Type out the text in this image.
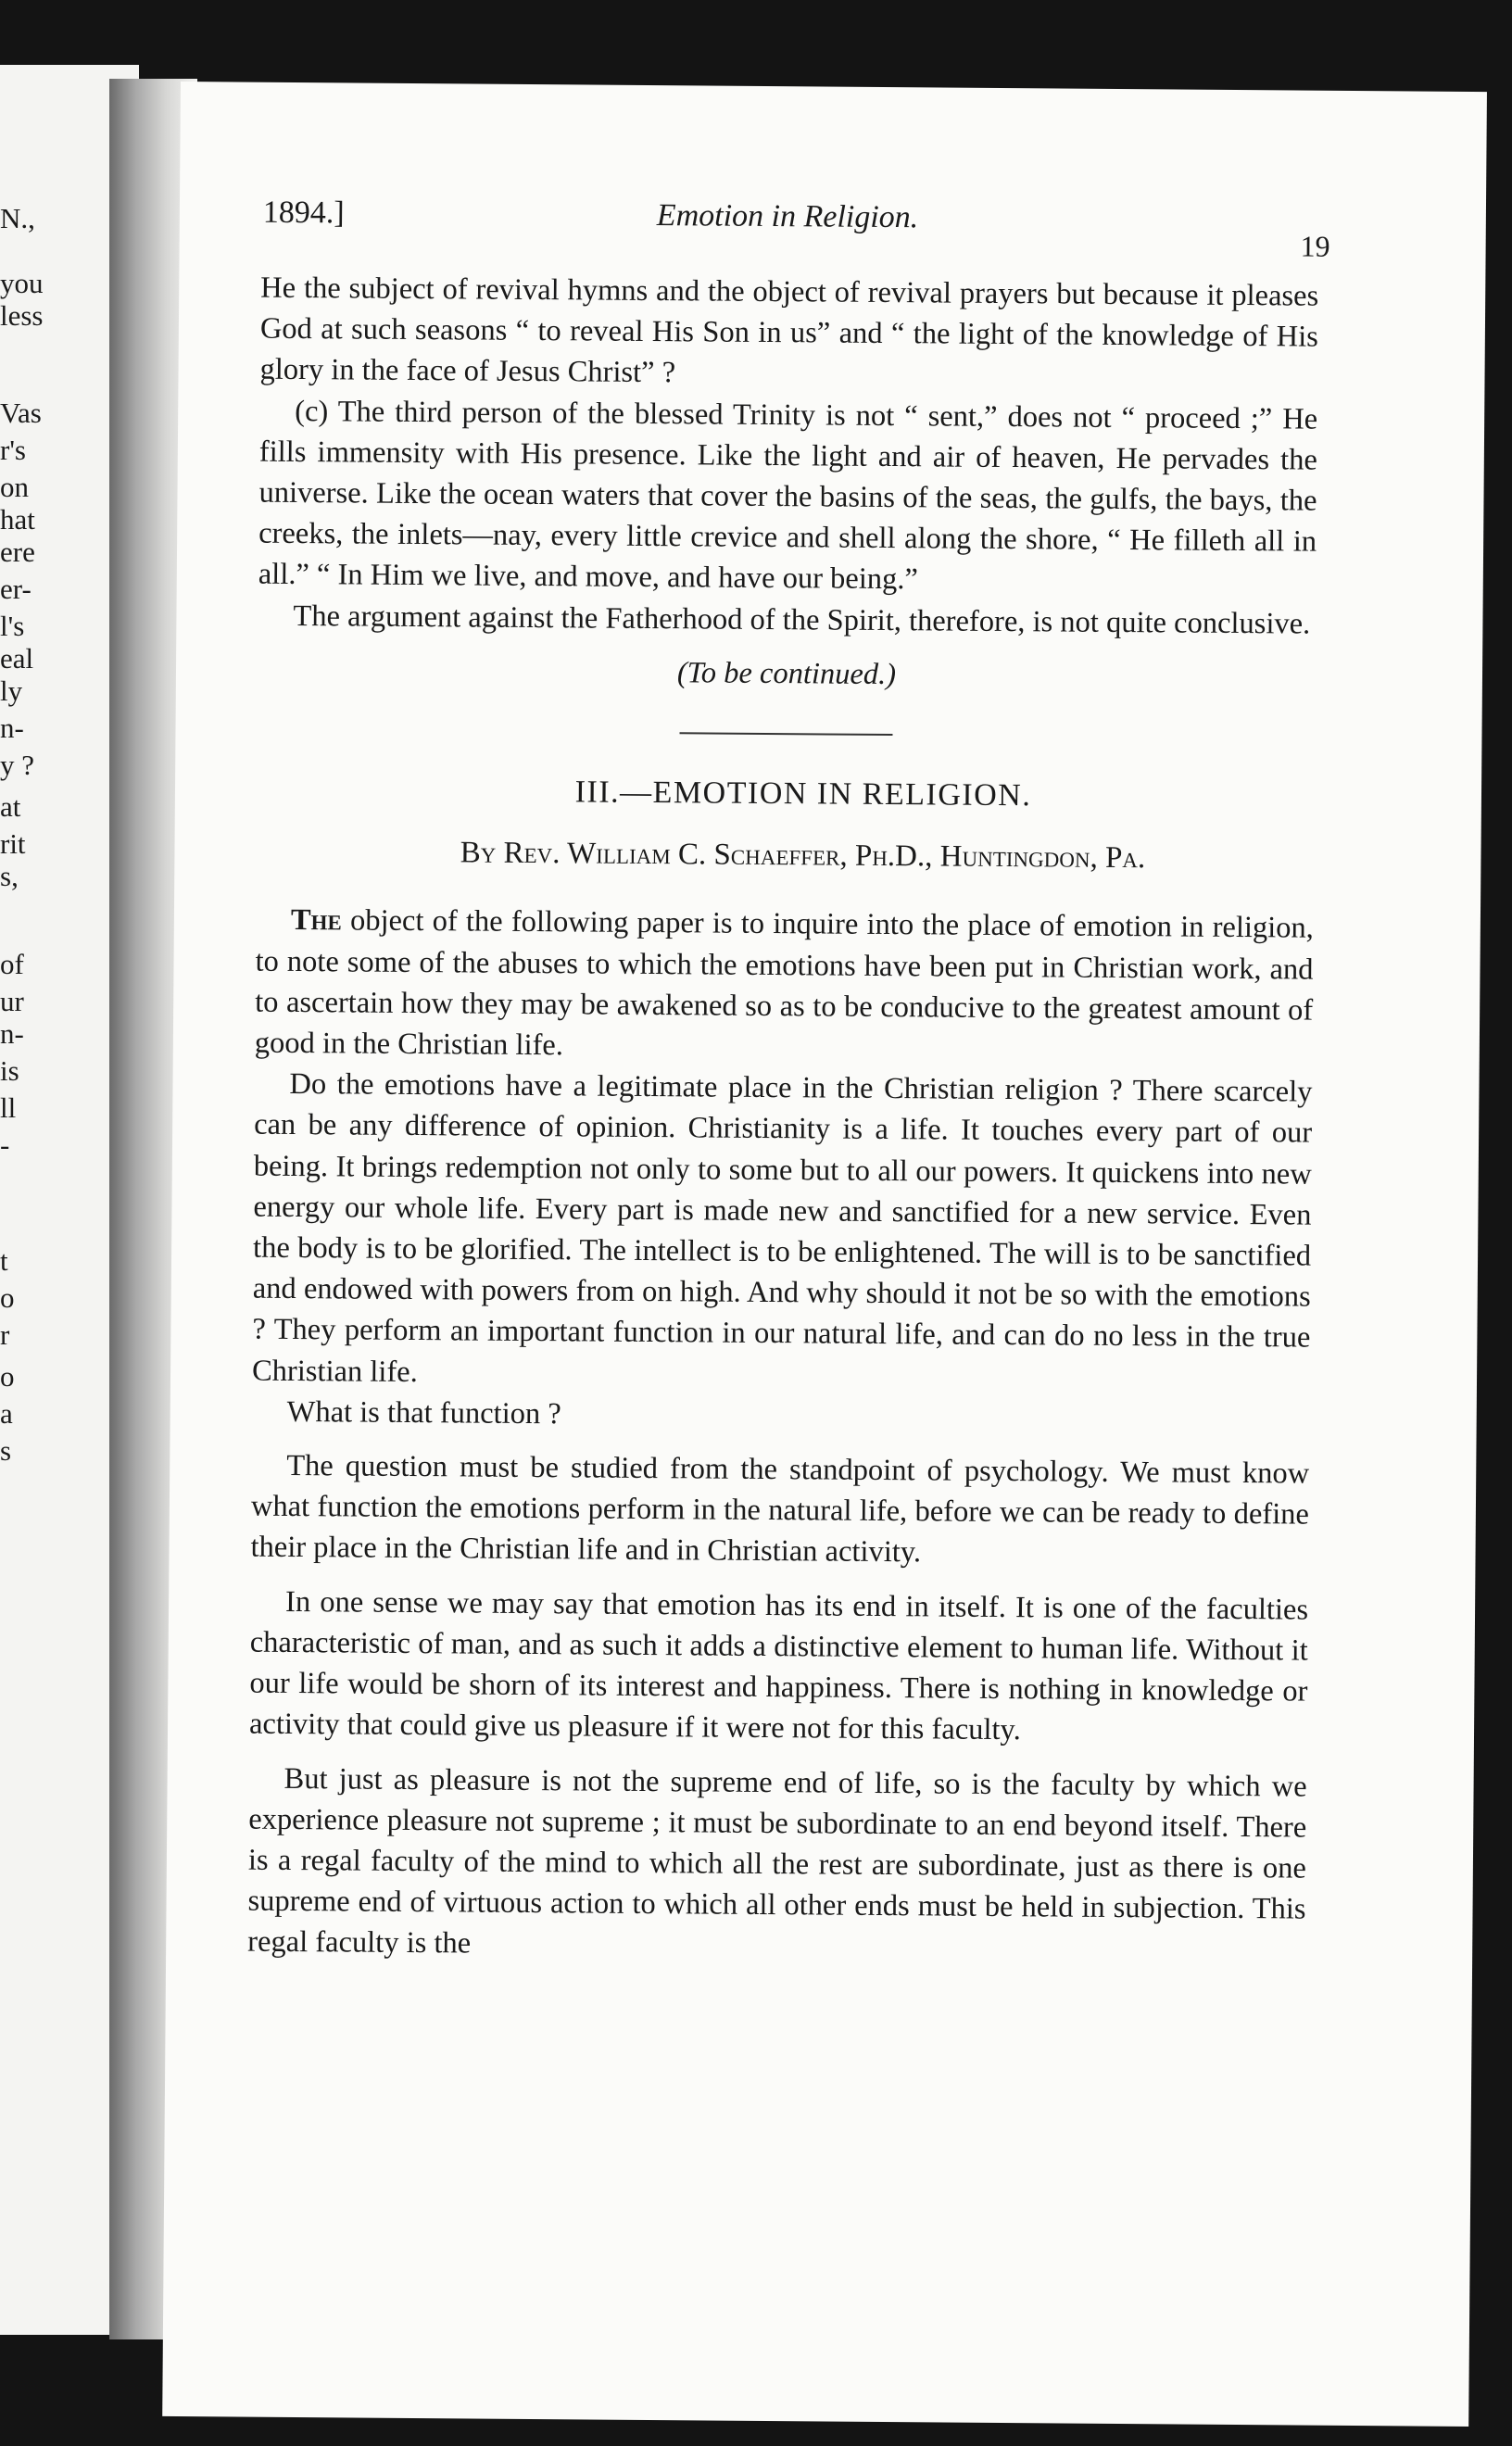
N.,
you
less
Vas
r's
on
hat
ere
er-
l's
eal
ly
n-
y ?
at
rit
s,
of
ur
n-
is
ll
-
t
o
r
o
a
s
1894.]	Emotion in Religion.
19

He the subject of revival hymns and the object of revival prayers but because it pleases God at such seasons “ to reveal His Son in us” and “ the light of the knowledge of His glory in the face of Jesus Christ” ?

(c) The third person of the blessed Trinity is not “ sent,” does not “ proceed ;” He fills immensity with His presence. Like the light and air of heaven, He pervades the universe. Like the ocean waters that cover the basins of the seas, the gulfs, the bays, the creeks, the inlets—nay, every little crevice and shell along the shore, “ He filleth all in all.” “ In Him we live, and move, and have our being.”

The argument against the Fatherhood of the Spirit, therefore, is not quite conclusive.

(To be continued.)

III.—EMOTION IN RELIGION.

By Rev. William C. Schaeffer, Ph.D., Huntingdon, Pa.

The object of the following paper is to inquire into the place of emotion in religion, to note some of the abuses to which the emotions have been put in Christian work, and to ascertain how they may be awakened so as to be conducive to the greatest amount of good in the Christian life.

Do the emotions have a legitimate place in the Christian religion ? There scarcely can be any difference of opinion. Christianity is a life. It touches every part of our being. It brings redemption not only to some but to all our powers. It quickens into new energy our whole life. Every part is made new and sanctified for a new service. Even the body is to be glorified. The intellect is to be enlightened. The will is to be sanctified and endowed with powers from on high. And why should it not be so with the emotions ? They perform an important function in our natural life, and can do no less in the true Christian life.

What is that function ?

The question must be studied from the standpoint of psychology. We must know what function the emotions perform in the natural life, before we can be ready to define their place in the Christian life and in Christian activity.

In one sense we may say that emotion has its end in itself. It is one of the faculties characteristic of man, and as such it adds a distinctive element to human life. Without it our life would be shorn of its interest and happiness. There is nothing in knowledge or activity that could give us pleasure if it were not for this faculty.

But just as pleasure is not the supreme end of life, so is the faculty by which we experience pleasure not supreme ; it must be subordinate to an end beyond itself. There is a regal faculty of the mind to which all the rest are subordinate, just as there is one supreme end of virtuous action to which all other ends must be held in subjection. This regal faculty is the
